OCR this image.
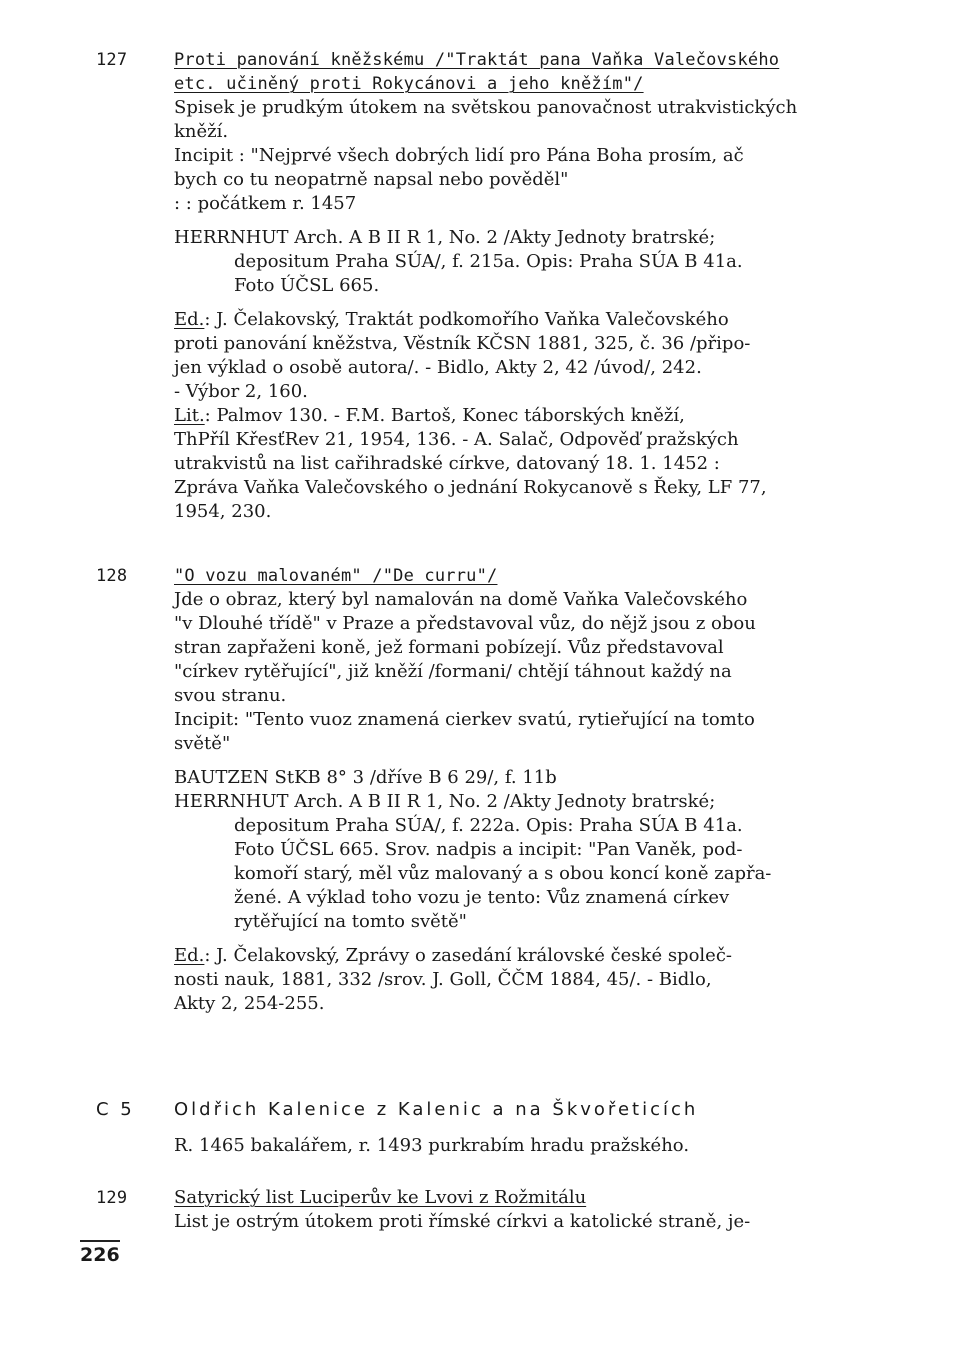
127	Proti panování kněžskému /"Traktát pana Vaňka Valečovského
etc. učiněný proti Rokycánovi a jeho kněžím"/
Spisek je prudkým útokem na světskou panovačnost utrakvistických
kněží.
Incipit : "Nejprvé všech dobrých lidí pro Pána Boha prosím, ač
bych co tu neopatrně napsal nebo pověděl"
: : počátkem r. 1457
HERRNHUT Arch. A B II R 1, No. 2 /Akty Jednoty bratrské;
depositum Praha SÚA/, f. 215a. Opis: Praha SÚA B 41a.
Foto ÚČSL 665.
Ed.: J. Čelakovský, Traktát podkomořího Vaňka Valečovského
proti panování kněžstva, Věstník KČSN 1881, 325, č. 36 /připo-
jen výklad o osobě autora/. - Bidlo, Akty 2, 42 /úvod/, 242.
- Výbor 2, 160.
Lit.: Palmov 130. - F.M. Bartoš, Konec táborských kněží,
ThPříl KřesťRev 21, 1954, 136. - A. Salač, Odpověď pražských
utrakvistů na list cařihradské církve, datovaný 18. 1. 1452 :
Zpráva Vaňka Valečovského o jednání Rokycanově s Řeky, LF 77,
1954, 230.
128	"O vozu malovaném" /"De curru"/
Jde o obraz, který byl namalován na domě Vaňka Valečovského
"v Dlouhé třídě" v Praze a představoval vůz, do nějž jsou z obou
stran zapřaženi koně, jež formani pobízejí. Vůz představoval
"církev rytěřující", již kněží /formani/ chtějí táhnout každý na
svou stranu.
Incipit: "Tento vuoz znamená cierkev svatú, rytieřující na tomto
světě"
BAUTZEN StKB 8° 3 /dříve B 6 29/, f. 11b
HERRNHUT Arch. A B II R 1, No. 2 /Akty Jednoty bratrské;
depositum Praha SÚA/, f. 222a. Opis: Praha SÚA B 41a.
Foto ÚČSL 665. Srov. nadpis a incipit: "Pan Vaněk, pod-
komoří starý, měl vůz malovaný a s obou koncí koně zapřa-
žené. A výklad toho vozu je tento: Vůz znamená církev
rytěřující na tomto světě"
Ed.: J. Čelakovský, Zprávy o zasedání královské české společ-
nosti nauk, 1881, 332 /srov. J. Goll, ČČM 1884, 45/. - Bidlo,
Akty 2, 254-255.
C 5	Oldřich Kalenice z Kalenic a na Škvořeticích
R. 1465 bakalářem, r. 1493 purkrabím hradu pražského.
129	Satyrický list Luciperův ke Lvovi z Rožmitálu
List je ostrým útokem proti římské církvi a katolické straně, je-
226
